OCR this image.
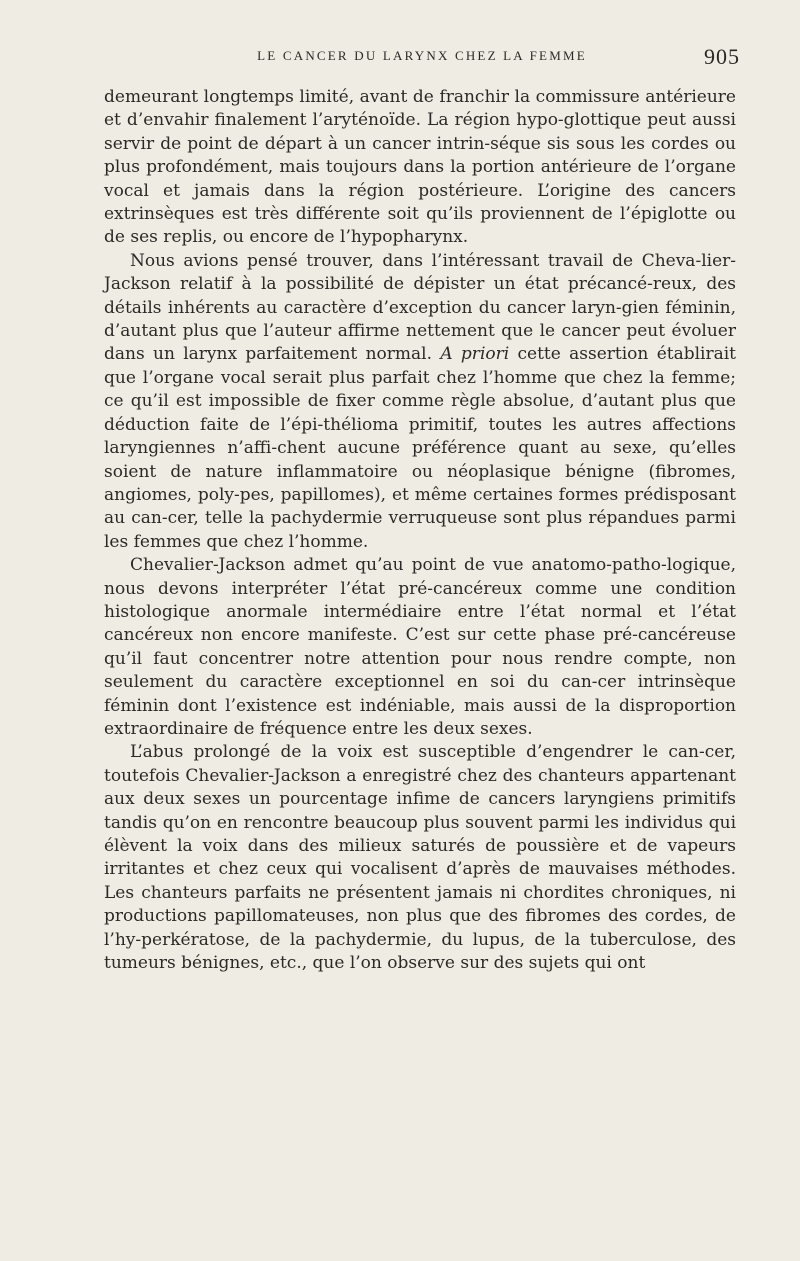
LE CANCER DU LARYNX CHEZ LA FEMME	905

demeurant longtemps limité, avant de franchir la commissure antérieure et d’envahir finalement l’aryténoïde. La région hypo-glottique peut aussi servir de point de départ à un cancer intrin-séque sis sous les cordes ou plus profondément, mais toujours dans la portion antérieure de l’organe vocal et jamais dans la région postérieure. L’origine des cancers extrinsèques est très différente soit qu’ils proviennent de l’épiglotte ou de ses replis, ou encore de l’hypopharynx.

Nous avions pensé trouver, dans l’intéressant travail de Cheva-lier-Jackson relatif à la possibilité de dépister un état précancé-reux, des détails inhérents au caractère d’exception du cancer laryn-gien féminin, d’autant plus que l’auteur affirme nettement que le cancer peut évoluer dans un larynx parfaitement normal. A priori cette assertion établirait que l’organe vocal serait plus parfait chez l’homme que chez la femme; ce qu’il est impossible de fixer comme règle absolue, d’autant plus que déduction faite de l’épi-thélioma primitif, toutes les autres affections laryngiennes n’affi-chent aucune préférence quant au sexe, qu’elles soient de nature inflammatoire ou néoplasique bénigne (fibromes, angiomes, poly-pes, papillomes), et même certaines formes prédisposant au can-cer, telle la pachydermie verruqueuse sont plus répandues parmi les femmes que chez l’homme.

Chevalier-Jackson admet qu’au point de vue anatomo-patho-logique, nous devons interpréter l’état pré-cancéreux comme une condition histologique anormale intermédiaire entre l’état normal et l’état cancéreux non encore manifeste. C’est sur cette phase pré-cancéreuse qu’il faut concentrer notre attention pour nous rendre compte, non seulement du caractère exceptionnel en soi du can-cer intrinsèque féminin dont l’existence est indéniable, mais aussi de la disproportion extraordinaire de fréquence entre les deux sexes.

L’abus prolongé de la voix est susceptible d’engendrer le can-cer, toutefois Chevalier-Jackson a enregistré chez des chanteurs appartenant aux deux sexes un pourcentage infime de cancers laryngiens primitifs tandis qu’on en rencontre beaucoup plus souvent parmi les individus qui élèvent la voix dans des milieux saturés de poussière et de vapeurs irritantes et chez ceux qui vocalisent d’après de mauvaises méthodes. Les chanteurs parfaits ne présentent jamais ni chordites chroniques, ni productions papillomateuses, non plus que des fibromes des cordes, de l’hy-perkératose, de la pachydermie, du lupus, de la tuberculose, des tumeurs bénignes, etc., que l’on observe sur des sujets qui ont
